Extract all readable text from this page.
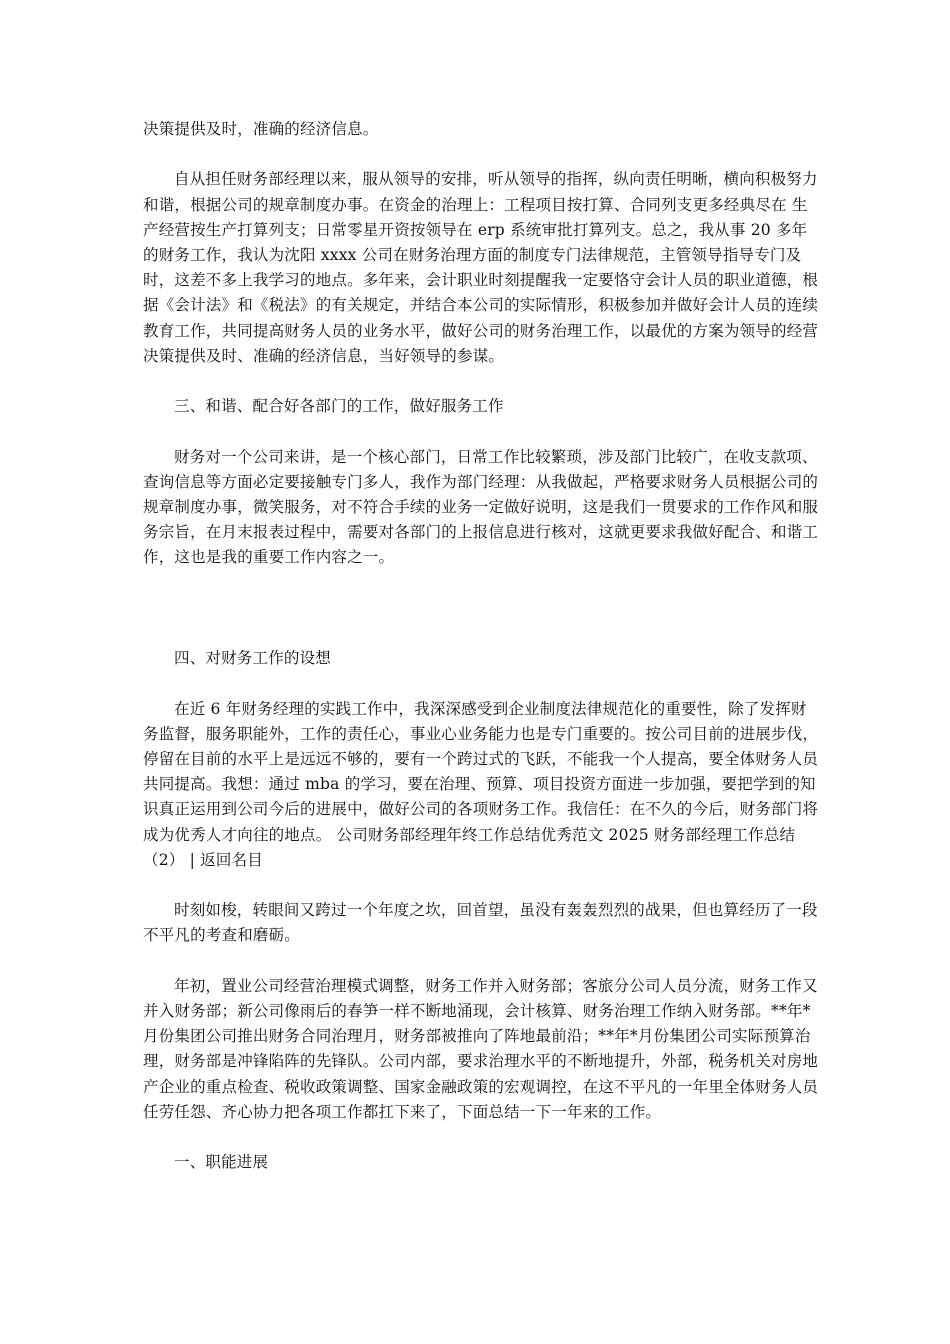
决策提供及时，准确的经济信息。

自从担任财务部经理以来，服从领导的安排，听从领导的指挥，纵向责任明晰，横向积极努力和谐，根据公司的规章制度办事。在资金的治理上：工程项目按打算、合同列支更多经典尽在 生产经营按生产打算列支；日常零星开资按领导在 erp 系统审批打算列支。总之，我从事 20 多年的财务工作，我认为沈阳 xxxx 公司在财务治理方面的制度专门法律规范，主管领导指导专门及时，这差不多上我学习的地点。多年来，会计职业时刻提醒我一定要恪守会计人员的职业道德，根据《会计法》和《税法》的有关规定，并结合本公司的实际情形，积极参加并做好会计人员的连续教育工作，共同提高财务人员的业务水平，做好公司的财务治理工作，以最优的方案为领导的经营决策提供及时、准确的经济信息，当好领导的参谋。

三、和谐、配合好各部门的工作，做好服务工作

财务对一个公司来讲，是一个核心部门，日常工作比较繁琐，涉及部门比较广，在收支款项、查询信息等方面必定要接触专门多人，我作为部门经理：从我做起，严格要求财务人员根据公司的规章制度办事，微笑服务，对不符合手续的业务一定做好说明，这是我们一贯要求的工作作风和服务宗旨，在月末报表过程中，需要对各部门的上报信息进行核对，这就更要求我做好配合、和谐工作，这也是我的重要工作内容之一。

四、对财务工作的设想

在近 6 年财务经理的实践工作中，我深深感受到企业制度法律规范化的重要性，除了发挥财务监督，服务职能外，工作的责任心，事业心业务能力也是专门重要的。按公司目前的进展步伐，停留在目前的水平上是远远不够的，要有一个跨过式的飞跃，不能我一个人提高，要全体财务人员共同提高。我想：通过 mba 的学习，要在治理、预算、项目投资方面进一步加强，要把学到的知识真正运用到公司今后的进展中，做好公司的各项财务工作。我信任：在不久的今后，财务部门将成为优秀人才向往的地点。 公司财务部经理年终工作总结优秀范文 2025 财务部经理工作总结（2） | 返回名目

时刻如梭，转眼间又跨过一个年度之坎，回首望，虽没有轰轰烈烈的战果，但也算经历了一段不平凡的考查和磨砺。

年初，置业公司经营治理模式调整，财务工作并入财务部；客旅分公司人员分流，财务工作又并入财务部；新公司像雨后的春笋一样不断地涌现，会计核算、财务治理工作纳入财务部。**年*月份集团公司推出财务合同治理月，财务部被推向了阵地最前沿；**年*月份集团公司实际预算治理，财务部是冲锋陷阵的先锋队。公司内部，要求治理水平的不断地提升，外部，税务机关对房地产企业的重点检查、税收政策调整、国家金融政策的宏观调控，在这不平凡的一年里全体财务人员任劳任怨、齐心协力把各项工作都扛下来了，下面总结一下一年来的工作。

一、职能进展
